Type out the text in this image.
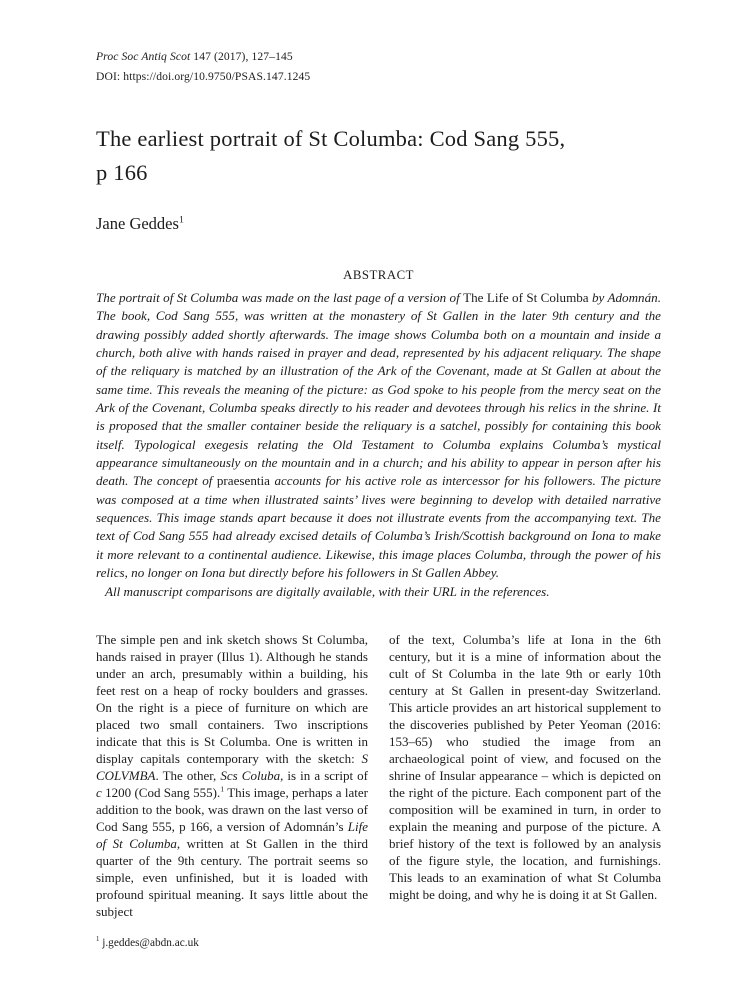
Proc Soc Antiq Scot 147 (2017), 127–145
DOI: https://doi.org/10.9750/PSAS.147.1245
The earliest portrait of St Columba: Cod Sang 555,
p 166
Jane Geddes$^1$
ABSTRACT

The portrait of St Columba was made on the last page of a version of The Life of St Columba by Adomnán. The book, Cod Sang 555, was written at the monastery of St Gallen in the later 9th century and the drawing possibly added shortly afterwards. The image shows Columba both on a mountain and inside a church, both alive with hands raised in prayer and dead, represented by his adjacent reliquary. The shape of the reliquary is matched by an illustration of the Ark of the Covenant, made at St Gallen at about the same time. This reveals the meaning of the picture: as God spoke to his people from the mercy seat on the Ark of the Covenant, Columba speaks directly to his reader and devotees through his relics in the shrine. It is proposed that the smaller container beside the reliquary is a satchel, possibly for containing this book itself. Typological exegesis relating the Old Testament to Columba explains Columba’s mystical appearance simultaneously on the mountain and in a church; and his ability to appear in person after his death. The concept of praesentia accounts for his active role as intercessor for his followers. The picture was composed at a time when illustrated saints’ lives were beginning to develop with detailed narrative sequences. This image stands apart because it does not illustrate events from the accompanying text. The text of Cod Sang 555 had already excised details of Columba’s Irish/Scottish background on Iona to make it more relevant to a continental audience. Likewise, this image places Columba, through the power of his relics, no longer on Iona but directly before his followers in St Gallen Abbey.

All manuscript comparisons are digitally available, with their URL in the references.

The simple pen and ink sketch shows St Columba, hands raised in prayer (Illus 1). Although he stands under an arch, presumably within a building, his feet rest on a heap of rocky boulders and grasses. On the right is a piece of furniture on which are placed two small containers. Two inscriptions indicate that this is St Columba. One is written in display capitals contemporary with the sketch: S COLVMBA. The other, Scs Coluba, is in a script of c 1200 (Cod Sang 555).$^1$ This image, perhaps a later addition to the book, was drawn on the last verso of Cod Sang 555, p 166, a version of Adomnán’s Life of St Columba, written at St Gallen in the third quarter of the 9th century. The portrait seems so simple, even unfinished, but it is loaded with profound spiritual meaning. It says little about the subject
of the text, Columba’s life at Iona in the 6th century, but it is a mine of information about the cult of St Columba in the late 9th or early 10th century at St Gallen in present-day Switzerland. This article provides an art historical supplement to the discoveries published by Peter Yeoman (2016: 153–65) who studied the image from an archaeological point of view, and focused on the shrine of Insular appearance – which is depicted on the right of the picture. Each component part of the composition will be examined in turn, in order to explain the meaning and purpose of the picture. A brief history of the text is followed by an analysis of the figure style, the location, and furnishings. This leads to an examination of what St Columba might be doing, and why he is doing it at St Gallen.
$^1$ j.geddes@abdn.ac.uk
